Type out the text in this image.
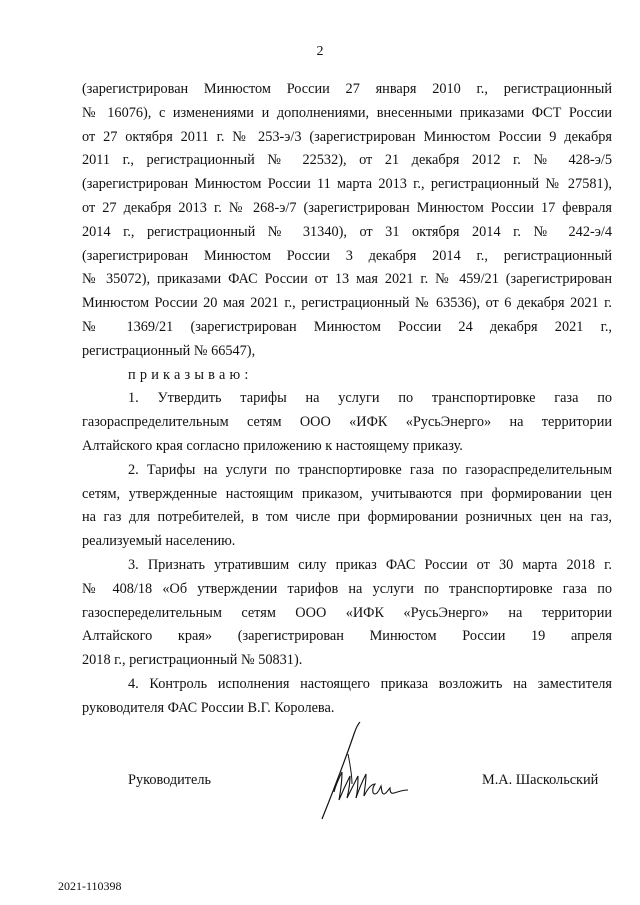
2
(зарегистрирован Минюстом России 27 января 2010 г., регистрационный
№ 16076), с изменениями и дополнениями, внесенными приказами ФСТ России
от 27 октября 2011 г. № 253-э/3 (зарегистрирован Минюстом России 9 декабря
2011 г., регистрационный № 22532), от 21 декабря 2012 г. № 428-э/5
(зарегистрирован Минюстом России 11 марта 2013 г., регистрационный № 27581),
от 27 декабря 2013 г. № 268-э/7 (зарегистрирован Минюстом России 17 февраля
2014 г., регистрационный № 31340), от 31 октября 2014 г. № 242-э/4
(зарегистрирован Минюстом России 3 декабря 2014 г., регистрационный
№ 35072), приказами ФАС России от 13 мая 2021 г. № 459/21 (зарегистрирован
Минюстом России 20 мая 2021 г., регистрационный № 63536), от 6 декабря 2021 г.
№ 1369/21 (зарегистрирован Минюстом России 24 декабря 2021 г.,
регистрационный № 66547),
приказываю:
1. Утвердить тарифы на услуги по транспортировке газа по
газораспределительным сетям ООО «ИФК «РусьЭнерго» на территории
Алтайского края согласно приложению к настоящему приказу.
2. Тарифы на услуги по транспортировке газа по газораспределительным
сетям, утвержденные настоящим приказом, учитываются при формировании цен
на газ для потребителей, в том числе при формировании розничных цен на газ,
реализуемый населению.
3. Признать утратившим силу приказ ФАС России от 30 марта 2018 г.
№ 408/18 «Об утверждении тарифов на услуги по транспортировке газа по
газоспеределительным сетям ООО «ИФК «РусьЭнерго» на территории
Алтайского края» (зарегистрирован Минюстом России 19 апреля
2018 г., регистрационный № 50831).
4. Контроль исполнения настоящего приказа возложить на заместителя
руководителя ФАС России В.Г. Королева.
Руководитель	М.А. Шаскольский
2021-110398
